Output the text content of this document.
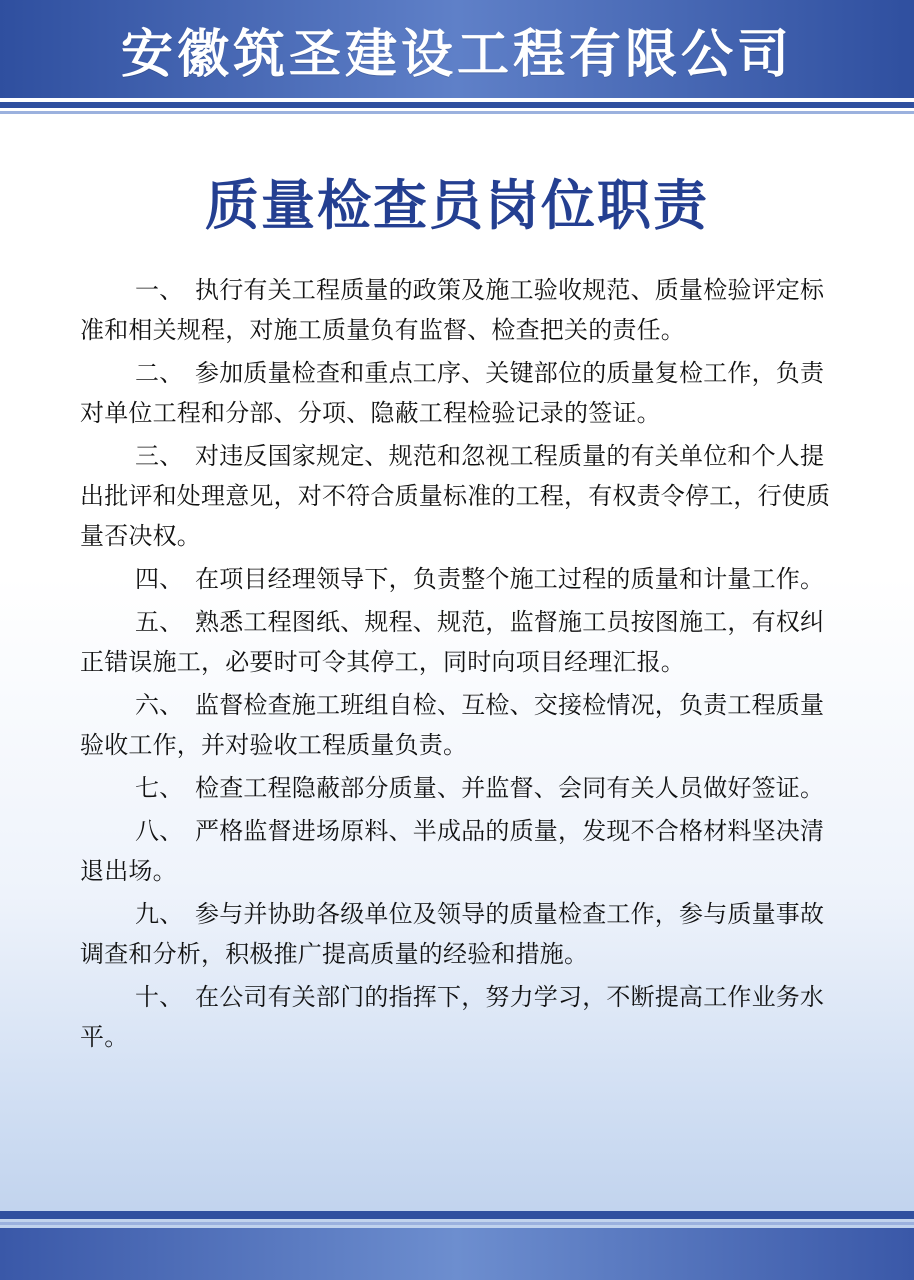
安徽筑圣建设工程有限公司
质量检查员岗位职责

一、 执行有关工程质量的政策及施工验收规范、质量检验评定标准和相关规程，对施工质量负有监督、检查把关的责任。

二、 参加质量检查和重点工序、关键部位的质量复检工作，负责对单位工程和分部、分项、隐蔽工程检验记录的签证。

三、 对违反国家规定、规范和忽视工程质量的有关单位和个人提出批评和处理意见，对不符合质量标准的工程，有权责令停工，行使质量否决权。

四、 在项目经理领导下，负责整个施工过程的质量和计量工作。

五、 熟悉工程图纸、规程、规范，监督施工员按图施工，有权纠正错误施工，必要时可令其停工，同时向项目经理汇报。

六、 监督检查施工班组自检、互检、交接检情况，负责工程质量验收工作，并对验收工程质量负责。

七、 检查工程隐蔽部分质量、并监督、会同有关人员做好签证。

八、 严格监督进场原料、半成品的质量，发现不合格材料坚决清退出场。

九、 参与并协助各级单位及领导的质量检查工作，参与质量事故调查和分析，积极推广提高质量的经验和措施。

十、 在公司有关部门的指挥下，努力学习，不断提高工作业务水平。
